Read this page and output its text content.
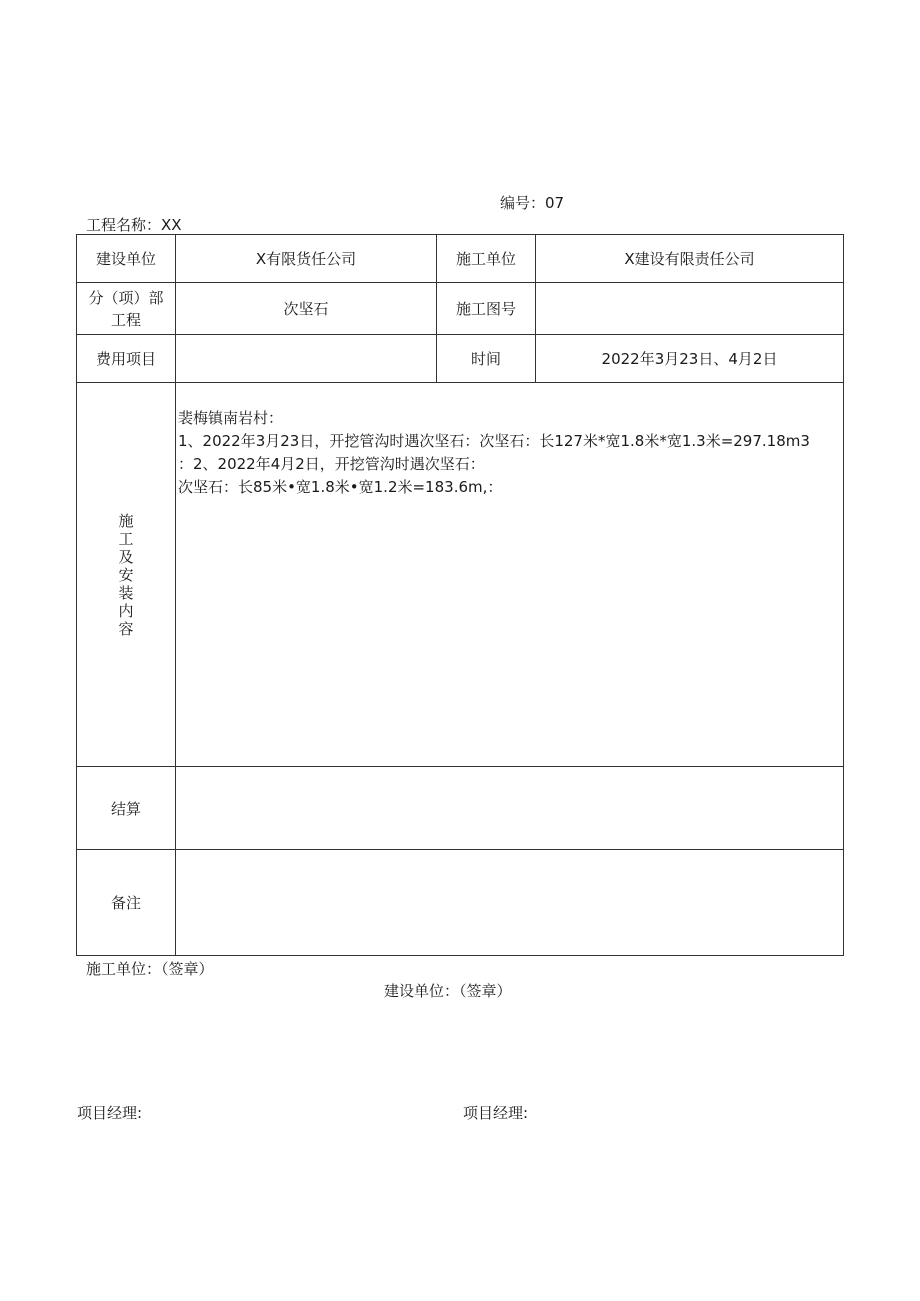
编号：07
工程名称：XX
建设单位	X有限货任公司	施工单位	X建设有限责任公司

分（项）部
工程	次坚石	施工图号	
费用项目		时间	2022年3月23日、4月2日

施工及安装内容	裴梅镇南岩村：
1、2022年3月23日，开挖管沟时遇次坚石：次坚石：长127米*宽1.8米*宽1.3米=297.18m3
：2、2022年4月2日，开挖管沟时遇次坚石：
次坚石：长85米•宽1.8米•宽1.2米=183.6m,：		

结算			
备注			
施工单位：（签章）
建设单位：（签章）
项目经理:	项目经理:
